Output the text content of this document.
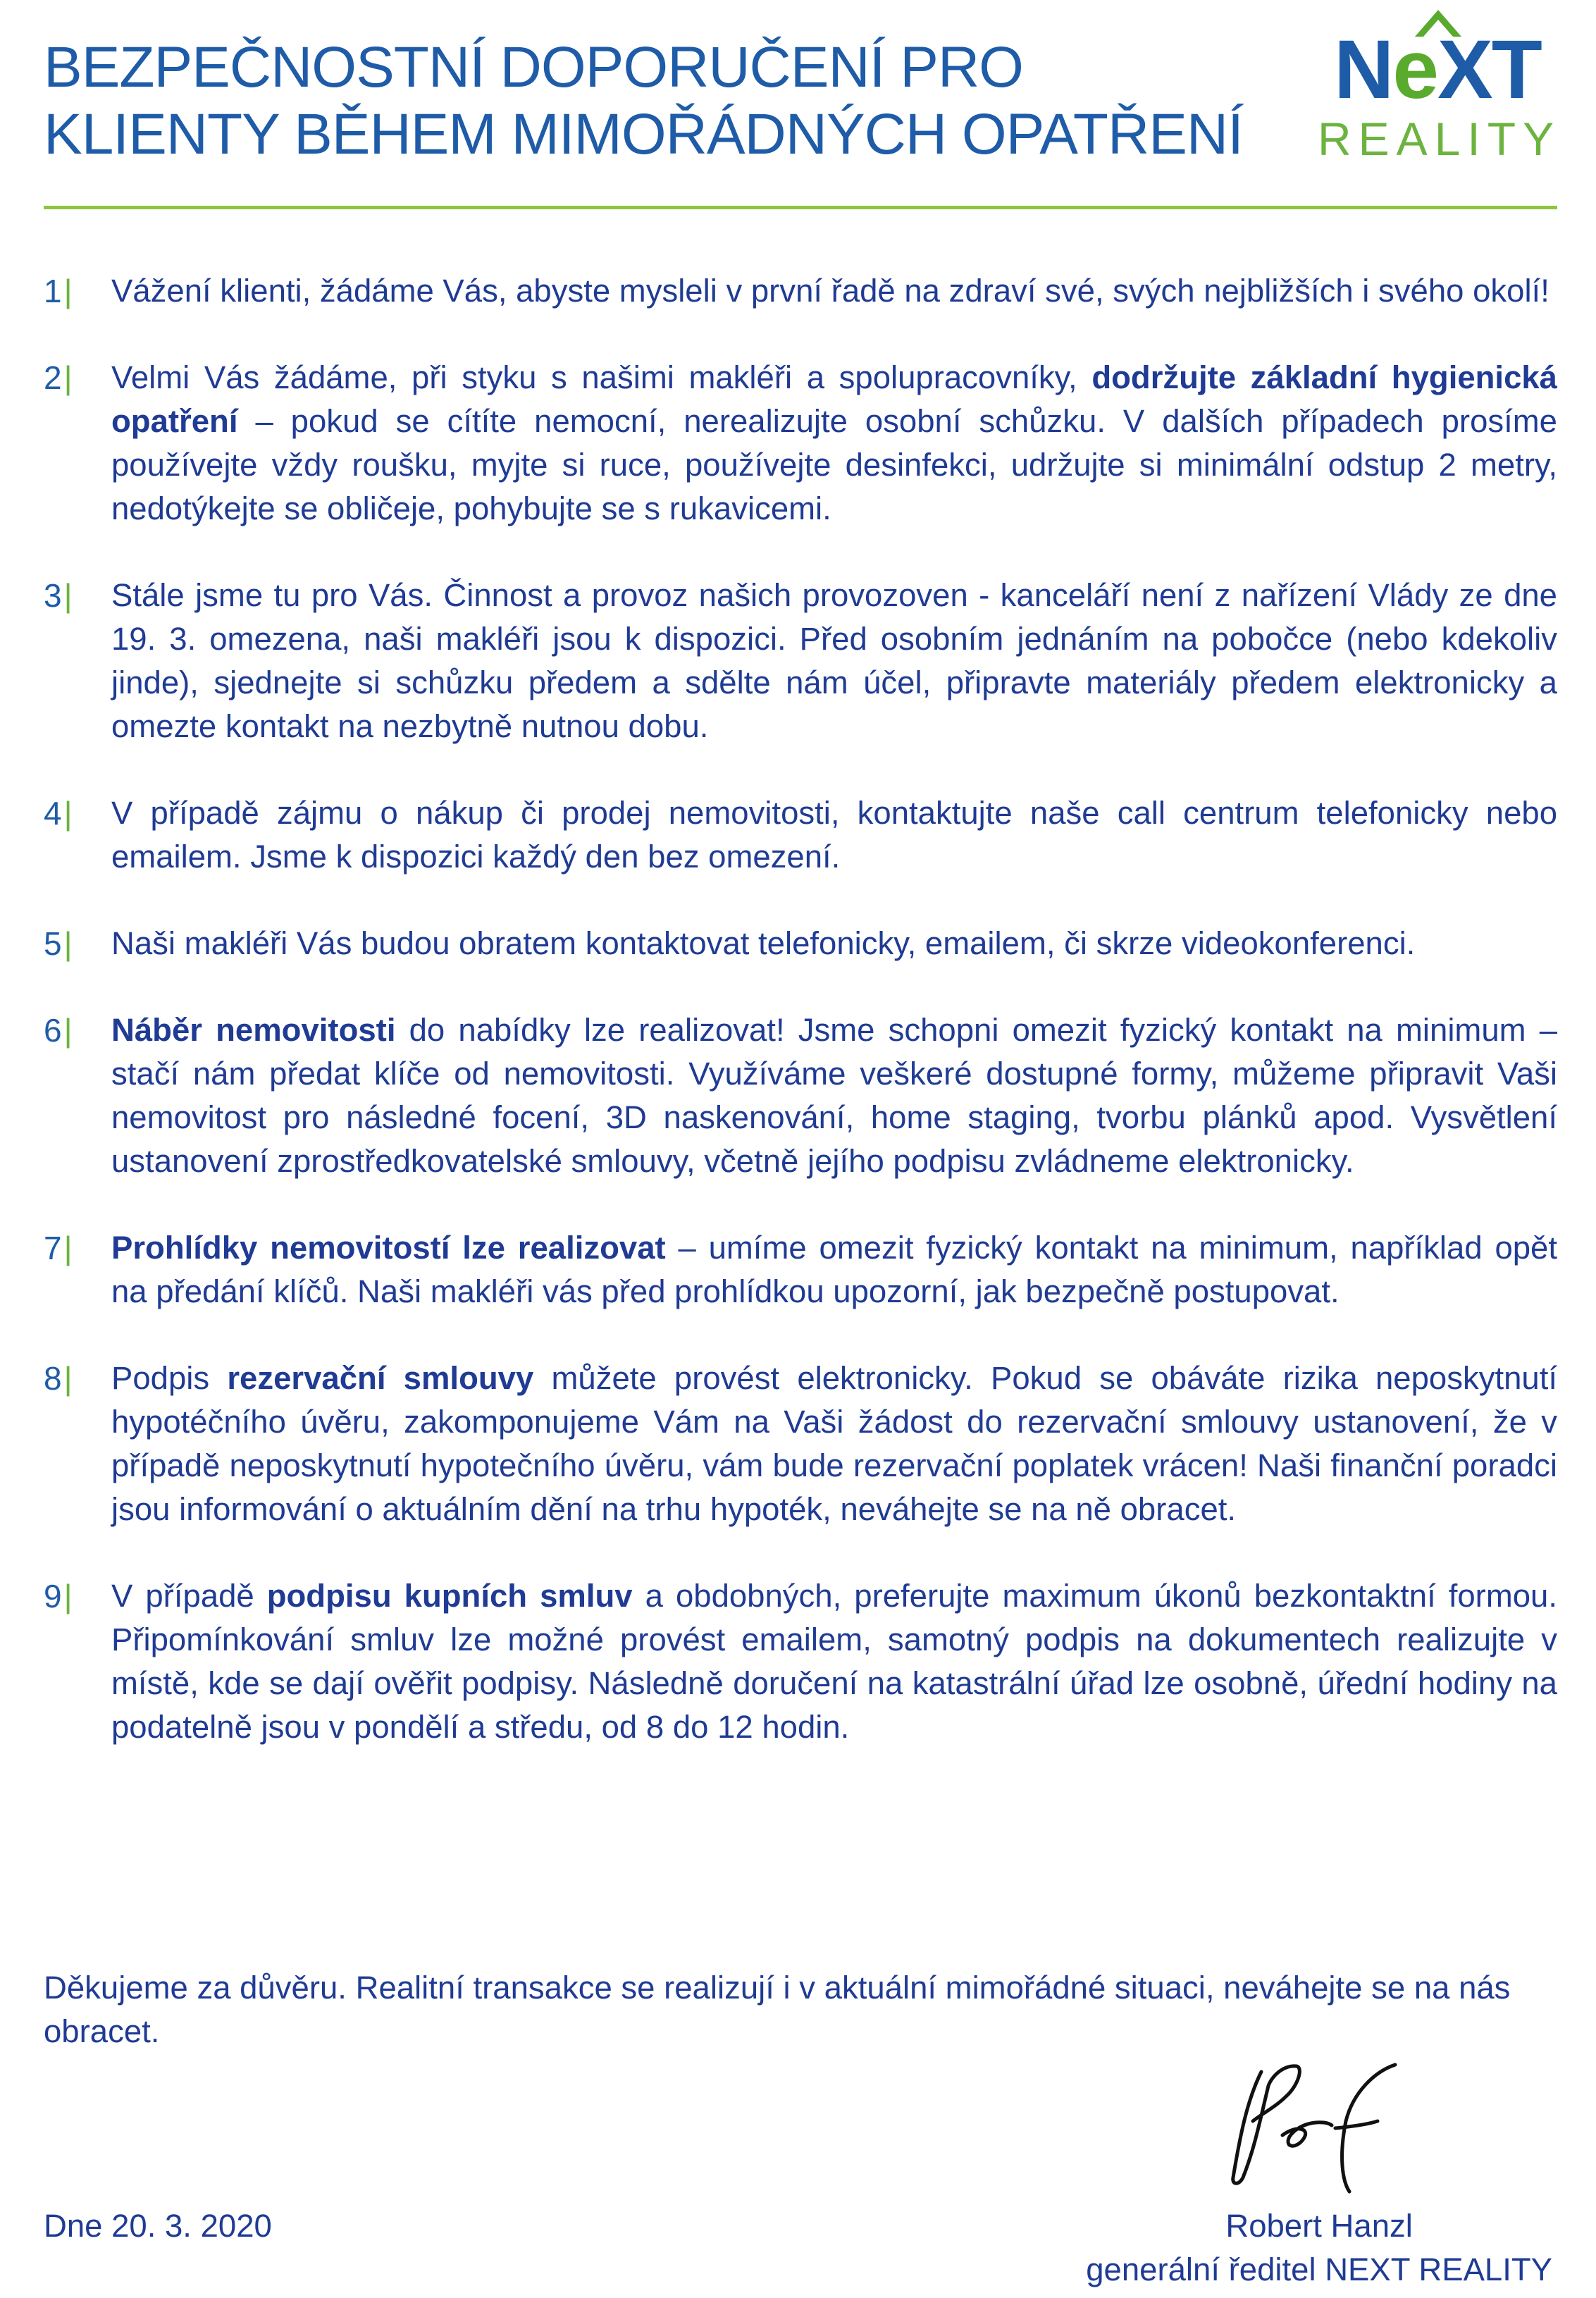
BEZPEČNOSTNÍ DOPORUČENÍ PRO
KLIENTY BĚHEM MIMOŘÁDNÝCH OPATŘENÍ
NeXT
REALITY
1| Vážení klienti, žádáme Vás, abyste mysleli v první řadě na zdraví své, svých nejbližších i svého okolí!
2| Velmi Vás žádáme, při styku s našimi makléři a spolupracovníky, dodržujte základní hygienická opatření – pokud se cítíte nemocní, nerealizujte osobní schůzku. V dalších případech prosíme používejte vždy roušku, myjte si ruce, používejte desinfekci, udržujte si minimální odstup 2 metry, nedotýkejte se obličeje, pohybujte se s rukavicemi.
3| Stále jsme tu pro Vás. Činnost a provoz našich provozoven - kanceláří není z nařízení Vlády ze dne 19. 3. omezena, naši makléři jsou k dispozici. Před osobním jednáním na pobočce (nebo kdekoliv jinde), sjednejte si schůzku předem a sdělte nám účel, připravte materiály předem elektronicky a omezte kontakt na nezbytně nutnou dobu.
4| V případě zájmu o nákup či prodej nemovitosti, kontaktujte naše call centrum telefonicky nebo emailem. Jsme k dispozici každý den bez omezení.
5| Naši makléři Vás budou obratem kontaktovat telefonicky, emailem, či skrze videokonferenci.
6| Náběr nemovitosti do nabídky lze realizovat! Jsme schopni omezit fyzický kontakt na minimum – stačí nám předat klíče od nemovitosti. Využíváme veškeré dostupné formy, můžeme připravit Vaši nemovitost pro následné focení, 3D naskenování, home staging, tvorbu plánků apod. Vysvětlení ustanovení zprostředkovatelské smlouvy, včetně jejího podpisu zvládneme elektronicky.
7| Prohlídky nemovitostí lze realizovat – umíme omezit fyzický kontakt na minimum, například opět na předání klíčů. Naši makléři vás před prohlídkou upozorní, jak bezpečně postupovat.
8| Podpis rezervační smlouvy můžete provést elektronicky. Pokud se obáváte rizika neposkytnutí hypotéčního úvěru, zakomponujeme Vám na Vaši žádost do rezervační smlouvy ustanovení, že v případě neposkytnutí hypotečního úvěru, vám bude rezervační poplatek vrácen! Naši finanční poradci jsou informování o aktuálním dění na trhu hypoték, neváhejte se na ně obracet.
9| V případě podpisu kupních smluv a obdobných, preferujte maximum úkonů bezkontaktní formou. Připomínkování smluv lze možné provést emailem, samotný podpis na dokumentech realizujte v místě, kde se dají ověřit podpisy. Následně doručení na katastrální úřad lze osobně, úřední hodiny na podatelně jsou v pondělí a středu, od 8 do 12 hodin.
Děkujeme za důvěru. Realitní transakce se realizují i v aktuální mimořádné situaci, neváhejte se na nás obracet.
Dne 20. 3. 2020	Robert Hanzl
generální ředitel NEXT REALITY
